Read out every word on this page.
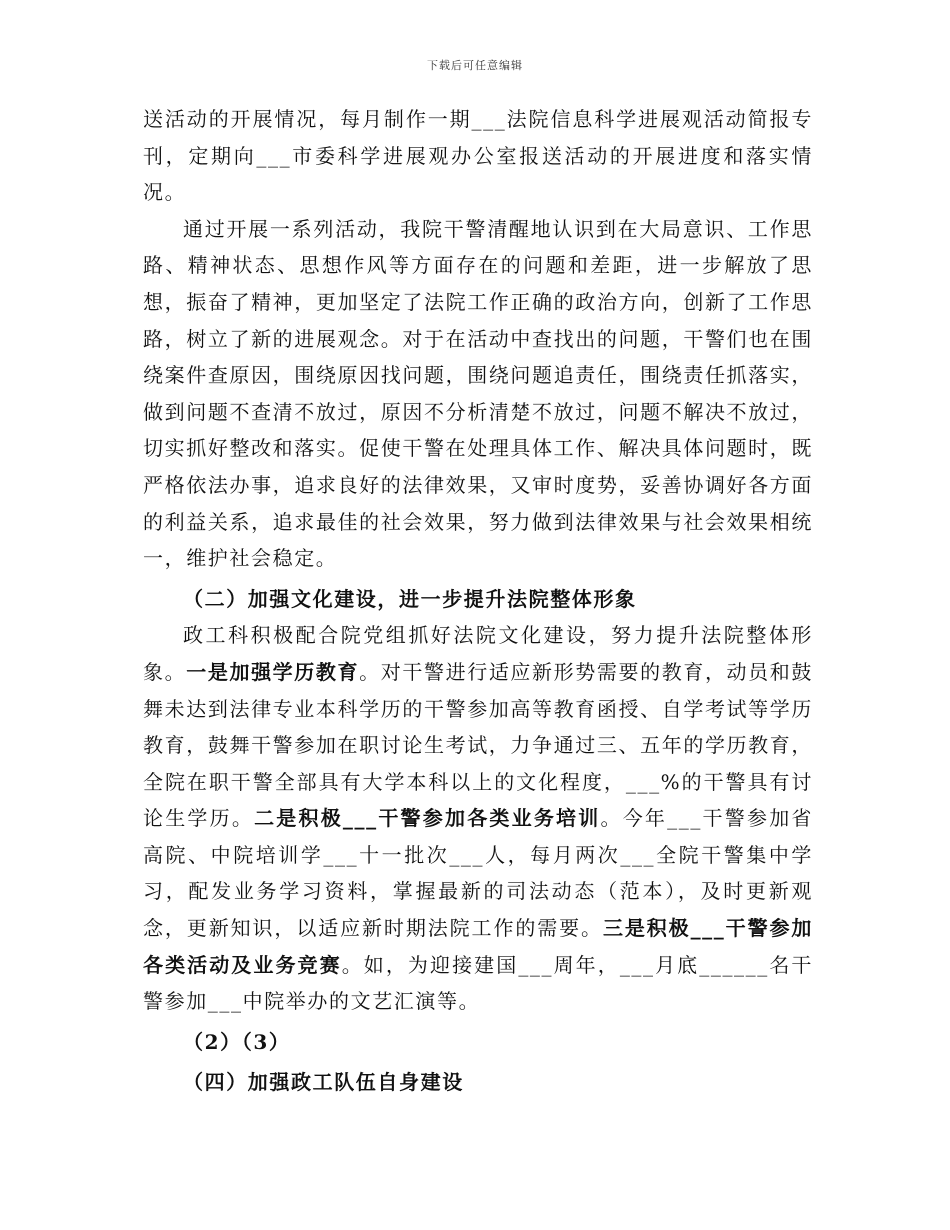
下载后可任意编辑

送活动的开展情况，每月制作一期___法院信息科学进展观活动简报专刊，定期向___市委科学进展观办公室报送活动的开展进度和落实情况。

通过开展一系列活动，我院干警清醒地认识到在大局意识、工作思路、精神状态、思想作风等方面存在的问题和差距，进一步解放了思想，振奋了精神，更加坚定了法院工作正确的政治方向，创新了工作思路，树立了新的进展观念。对于在活动中查找出的问题，干警们也在围绕案件查原因，围绕原因找问题，围绕问题追责任，围绕责任抓落实，做到问题不查清不放过，原因不分析清楚不放过，问题不解决不放过，切实抓好整改和落实。促使干警在处理具体工作、解决具体问题时，既严格依法办事，追求良好的法律效果，又审时度势，妥善协调好各方面的利益关系，追求最佳的社会效果，努力做到法律效果与社会效果相统一，维护社会稳定。

（二）加强文化建设，进一步提升法院整体形象

政工科积极配合院党组抓好法院文化建设，努力提升法院整体形象。一是加强学历教育。对干警进行适应新形势需要的教育，动员和鼓舞未达到法律专业本科学历的干警参加高等教育函授、自学考试等学历教育，鼓舞干警参加在职讨论生考试，力争通过三、五年的学历教育，全院在职干警全部具有大学本科以上的文化程度，___%的干警具有讨论生学历。二是积极___干警参加各类业务培训。今年___干警参加省高院、中院培训学___十一批次___人，每月两次___全院干警集中学习，配发业务学习资料，掌握最新的司法动态（范本），及时更新观念，更新知识，以适应新时期法院工作的需要。三是积极___干警参加各类活动及业务竞赛。如，为迎接建国___周年，___月底______名干警参加___中院举办的文艺汇演等。

（2）（3）

（四）加强政工队伍自身建设
